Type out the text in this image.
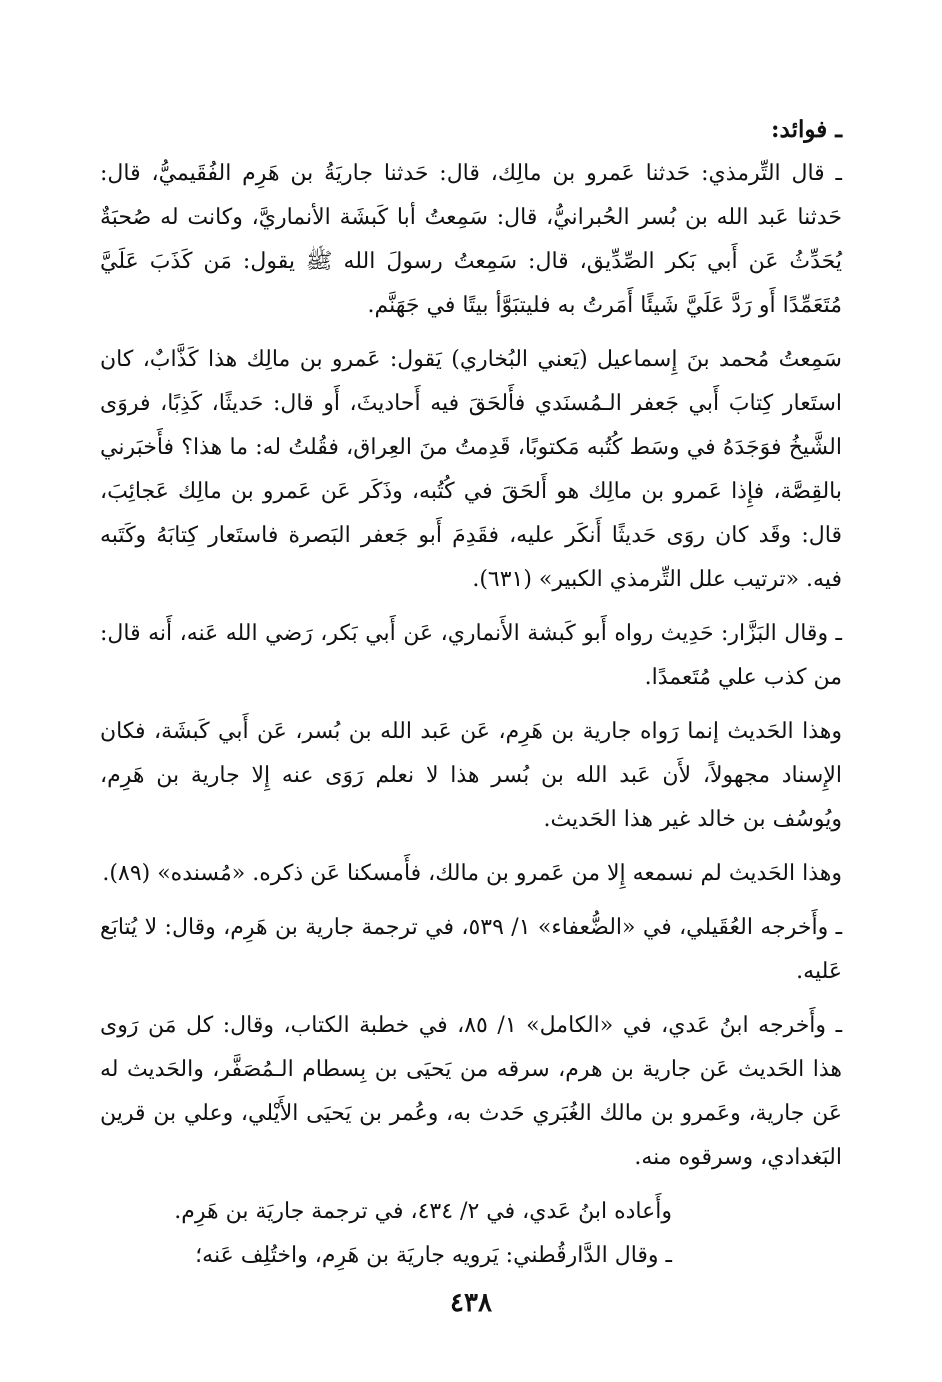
ـ فوائد:

ـ قال التِّرمذي: حَدثنا عَمرو بن مالِك، قال: حَدثنا جاريَةُ بن هَرِم الفُقَيميُّ، قال: حَدثنا عَبد الله بن بُسر الحُبرانيُّ، قال: سَمِعتُ أبا كَبشَة الأنماريَّ، وكانت له صُحبَةٌ يُحَدِّثُ عَن أَبي بَكر الصِّدِّيق، قال: سَمِعتُ رسولَ الله ﷺ يقول: مَن كَذَبَ عَلَيَّ مُتَعَمِّدًا أَو رَدَّ عَلَيَّ شَيئًا أَمَرتُ به فليتبَوَّأ بيتًا في جَهَنَّم.

سَمِعتُ مُحمد بنَ إِسماعيل (يَعني البُخاري) يَقول: عَمرو بن مالِك هذا كَذَّابٌ، كان استَعار كِتابَ أَبي جَعفر الـمُسنَدي فأَلحَقَ فيه أَحاديثَ، أَو قال: حَديثًا، كَذِبًا، فروَى الشَّيخُ فوَجَدَهُ في وسَط كُتُبه مَكتوبًا، قَدِمتُ منَ العِراق، فقُلتُ له: ما هذا؟ فأَخبَرني بالقِصَّة، فإِذا عَمرو بن مالِك هو أَلحَقَ في كُتُبه، وذَكَر عَن عَمرو بن مالِك عَجائِبَ، قال: وقَد كان روَى حَديثًا أَنكَر عليه، فقَدِمَ أَبو جَعفر البَصرة فاستَعار كِتابَهُ وكَتَبه فيه. «ترتيب علل التِّرمذي الكبير» (٦٣١).

ـ وقال البَزَّار: حَدِيث رواه أَبو كَبشة الأَنماري، عَن أَبي بَكر، رَضي الله عَنه، أَنه قال: من كذب علي مُتَعمدًا.

وهذا الحَديث إنما رَواه جارية بن هَرِم، عَن عَبد الله بن بُسر، عَن أَبي كَبشَة، فكان الإِسناد مجهولاً، لأَن عَبد الله بن بُسر هذا لا نعلم رَوَى عنه إِلا جارية بن هَرِم، ويُوسُف بن خالد غير هذا الحَديث.

وهذا الحَديث لم نسمعه إِلا من عَمرو بن مالك، فأَمسكنا عَن ذكره. «مُسنده» (٨٩).

ـ وأَخرجه العُقَيلي، في «الضُّعفاء» ١/ ٥٣٩، في ترجمة جارية بن هَرِم، وقال: لا يُتابَع عَليه.

ـ وأَخرجه ابنُ عَدي، في «الكامل» ١/ ٨٥، في خطبة الكتاب، وقال: كل مَن رَوى هذا الحَديث عَن جارية بن هرم، سرقه من يَحيَى بن بِسطام الـمُصَفَّر، والحَديث له عَن جارية، وعَمرو بن مالك الغُبَري حَدث به، وعُمر بن يَحيَى الأَيْلي، وعلي بن قرين البَغدادي، وسرقوه منه.

وأَعاده ابنُ عَدي، في ٢/ ٤٣٤، في ترجمة جاريَة بن هَرِم.

ـ وقال الدَّارقُطني: يَرويه جاريَة بن هَرِم، واختُلِف عَنه؛

٤٣٨
